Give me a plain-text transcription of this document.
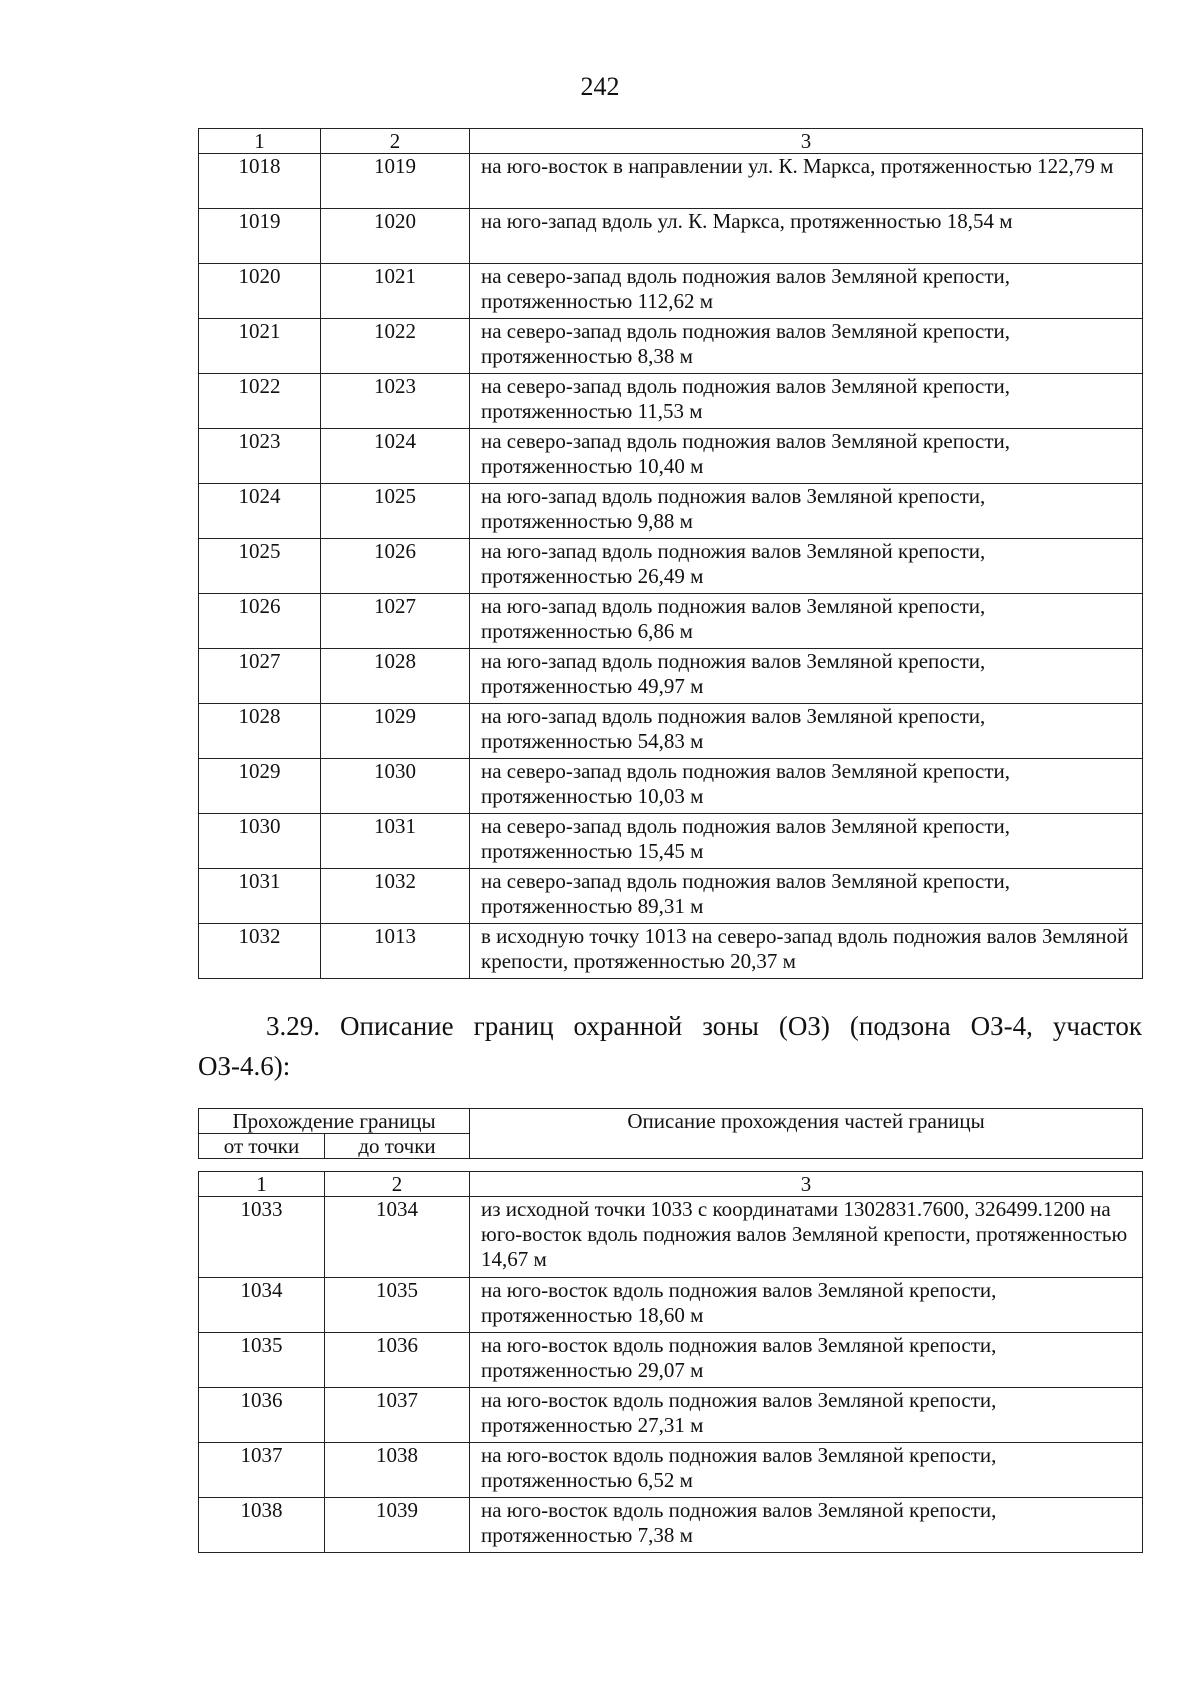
242
1	2	3
1018	1019	на юго-восток в направлении ул. К. Маркса, протяженностью 122,79 м
1019	1020	на юго-запад вдоль ул. К. Маркса, протяженностью 18,54 м
1020	1021	на северо-запад вдоль подножия валов Земляной крепости, протяженностью 112,62 м
1021	1022	на северо-запад вдоль подножия валов Земляной крепости, протяженностью 8,38 м
1022	1023	на северо-запад вдоль подножия валов Земляной крепости, протяженностью 11,53 м
1023	1024	на северо-запад вдоль подножия валов Земляной крепости, протяженностью 10,40 м
1024	1025	на юго-запад вдоль подножия валов Земляной крепости, протяженностью 9,88 м
1025	1026	на юго-запад вдоль подножия валов Земляной крепости, протяженностью 26,49 м
1026	1027	на юго-запад вдоль подножия валов Земляной крепости, протяженностью 6,86 м
1027	1028	на юго-запад вдоль подножия валов Земляной крепости, протяженностью 49,97 м
1028	1029	на юго-запад вдоль подножия валов Земляной крепости, протяженностью 54,83 м
1029	1030	на северо-запад вдоль подножия валов Земляной крепости, протяженностью 10,03 м
1030	1031	на северо-запад вдоль подножия валов Земляной крепости, протяженностью 15,45 м
1031	1032	на северо-запад вдоль подножия валов Земляной крепости, протяженностью 89,31 м
1032	1013	в исходную точку 1013 на северо-запад вдоль подножия валов Земляной крепости, протяженностью 20,37 м
3.29. Описание границ охранной зоны (ОЗ) (подзона ОЗ-4, участок
ОЗ-4.6):
Прохождение границы		Описание прохождения частей границы
от точки	до точки	
1	2	3
1033	1034	из исходной точки 1033 с координатами 1302831.7600, 326499.1200 на юго-восток вдоль подножия валов Земляной крепости, протяженностью 14,67 м
1034	1035	на юго-восток вдоль подножия валов Земляной крепости, протяженностью 18,60 м
1035	1036	на юго-восток вдоль подножия валов Земляной крепости, протяженностью 29,07 м
1036	1037	на юго-восток вдоль подножия валов Земляной крепости, протяженностью 27,31 м
1037	1038	на юго-восток вдоль подножия валов Земляной крепости, протяженностью 6,52 м
1038	1039	на юго-восток вдоль подножия валов Земляной крепости, протяженностью 7,38 м
